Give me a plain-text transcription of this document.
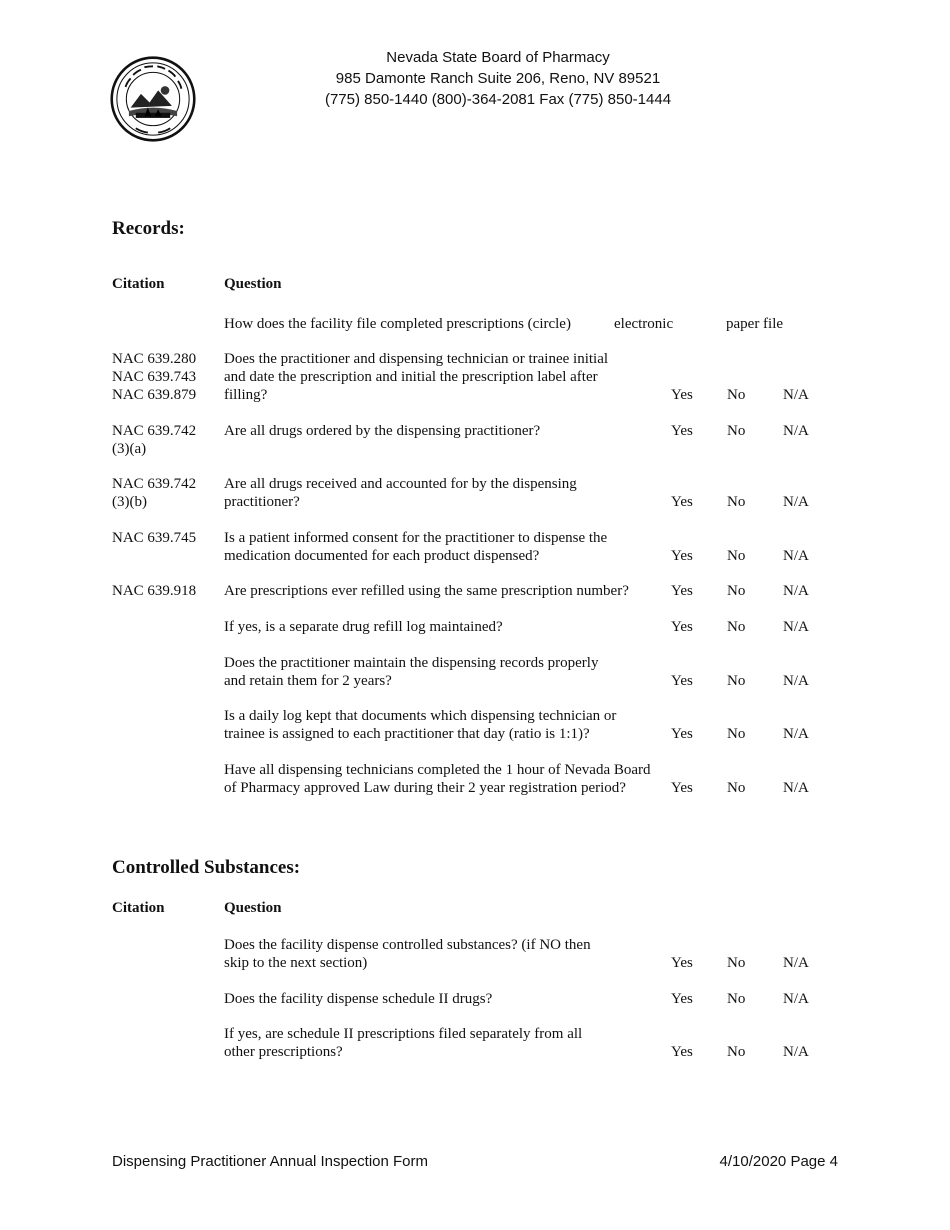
Nevada State Board of Pharmacy
985 Damonte Ranch Suite 206, Reno, NV 89521
(775) 850-1440 (800)-364-2081 Fax (775) 850-1444
Records:
Citation	Question
How does the facility file completed prescriptions (circle)	electronic	paper file
NAC 639.280
NAC 639.743
NAC 639.879
Does the practitioner and dispensing technician or trainee initial
and date the prescription and initial the prescription label after
filling?	Yes No	N/A
NAC 639.742
(3)(a)
Are all drugs ordered by the dispensing practitioner?	Yes No	N/A
NAC 639.742
(3)(b)
Are all drugs received and accounted for by the dispensing
practitioner?	Yes No	N/A
NAC 639.745	Is a patient informed consent for the practitioner to dispense the
medication documented for each product dispensed?	Yes No	N/A
NAC 639.918	Are prescriptions ever refilled using the same prescription number?	Yes No	N/A
If yes, is a separate drug refill log maintained?	Yes No	N/A
Does the practitioner maintain the dispensing records properly
and retain them for 2 years?	Yes No	N/A
Is a daily log kept that documents which dispensing technician or
trainee is assigned to each practitioner that day (ratio is 1:1)?	Yes No	N/A
Have all dispensing technicians completed the 1 hour of Nevada Board
of Pharmacy approved Law during their 2 year registration period?	Yes No	N/A
Controlled Substances:
Citation	Question
Does the facility dispense controlled substances? (if NO then
skip to the next section)	Yes No	N/A
Does the facility dispense schedule II drugs?	Yes No	N/A
If yes, are schedule II prescriptions filed separately from all
other prescriptions?	Yes No	N/A
Dispensing Practitioner Annual Inspection Form	4/10/2020 Page 4
